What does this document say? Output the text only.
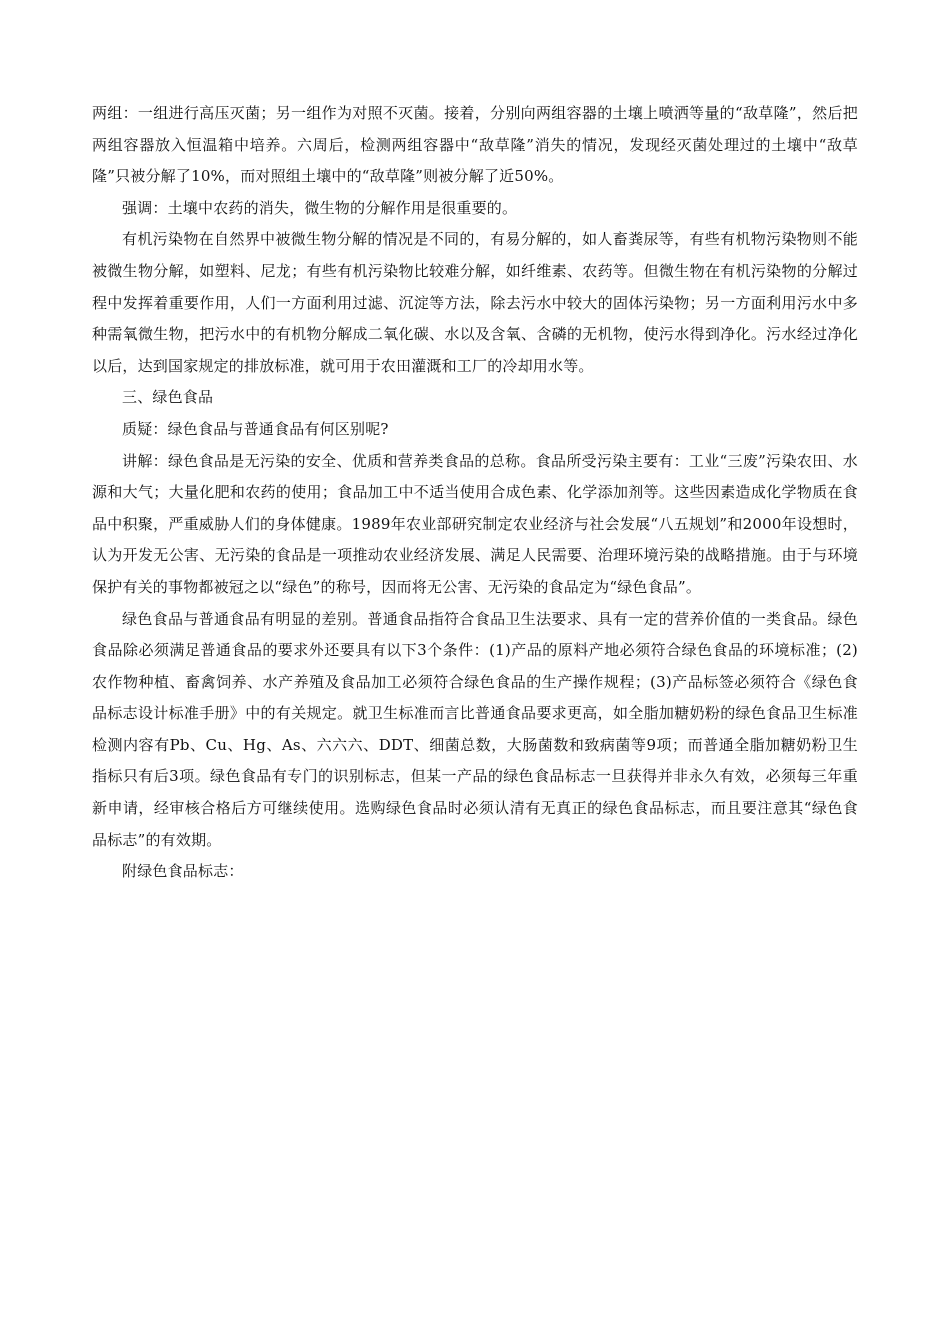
两组：一组进行高压灭菌；另一组作为对照不灭菌。接着，分别向两组容器的土壤上喷洒等量的“敌草隆”，然后把两组容器放入恒温箱中培养。六周后，检测两组容器中“敌草隆”消失的情况，发现经灭菌处理过的土壤中“敌草隆”只被分解了10%，而对照组土壤中的“敌草隆”则被分解了近50%。

强调：土壤中农药的消失，微生物的分解作用是很重要的。

有机污染物在自然界中被微生物分解的情况是不同的，有易分解的，如人畜粪尿等，有些有机物污染物则不能被微生物分解，如塑料、尼龙；有些有机污染物比较难分解，如纤维素、农药等。但微生物在有机污染物的分解过程中发挥着重要作用，人们一方面利用过滤、沉淀等方法，除去污水中较大的固体污染物；另一方面利用污水中多种需氧微生物，把污水中的有机物分解成二氧化碳、水以及含氧、含磷的无机物，使污水得到净化。污水经过净化以后，达到国家规定的排放标准，就可用于农田灌溉和工厂的冷却用水等。

三、绿色食品

质疑：绿色食品与普通食品有何区别呢?

讲解：绿色食品是无污染的安全、优质和营养类食品的总称。食品所受污染主要有：工业“三废”污染农田、水源和大气；大量化肥和农药的使用；食品加工中不适当使用合成色素、化学添加剂等。这些因素造成化学物质在食品中积聚，严重威胁人们的身体健康。1989年农业部研究制定农业经济与社会发展“八五规划”和2000年设想时，认为开发无公害、无污染的食品是一项推动农业经济发展、满足人民需要、治理环境污染的战略措施。由于与环境保护有关的事物都被冠之以“绿色”的称号，因而将无公害、无污染的食品定为“绿色食品”。

绿色食品与普通食品有明显的差别。普通食品指符合食品卫生法要求、具有一定的营养价值的一类食品。绿色食品除必须满足普通食品的要求外还要具有以下3个条件：(1)产品的原料产地必须符合绿色食品的环境标准；(2)农作物种植、畜禽饲养、水产养殖及食品加工必须符合绿色食品的生产操作规程；(3)产品标签必须符合《绿色食品标志设计标准手册》中的有关规定。就卫生标准而言比普通食品要求更高，如全脂加糖奶粉的绿色食品卫生标准检测内容有Pb、Cu、Hg、As、六六六、DDT、细菌总数，大肠菌数和致病菌等9项；而普通全脂加糖奶粉卫生指标只有后3项。绿色食品有专门的识别标志，但某一产品的绿色食品标志一旦获得并非永久有效，必须每三年重新申请，经审核合格后方可继续使用。选购绿色食品时必须认清有无真正的绿色食品标志，而且要注意其“绿色食品标志”的有效期。

附绿色食品标志：
